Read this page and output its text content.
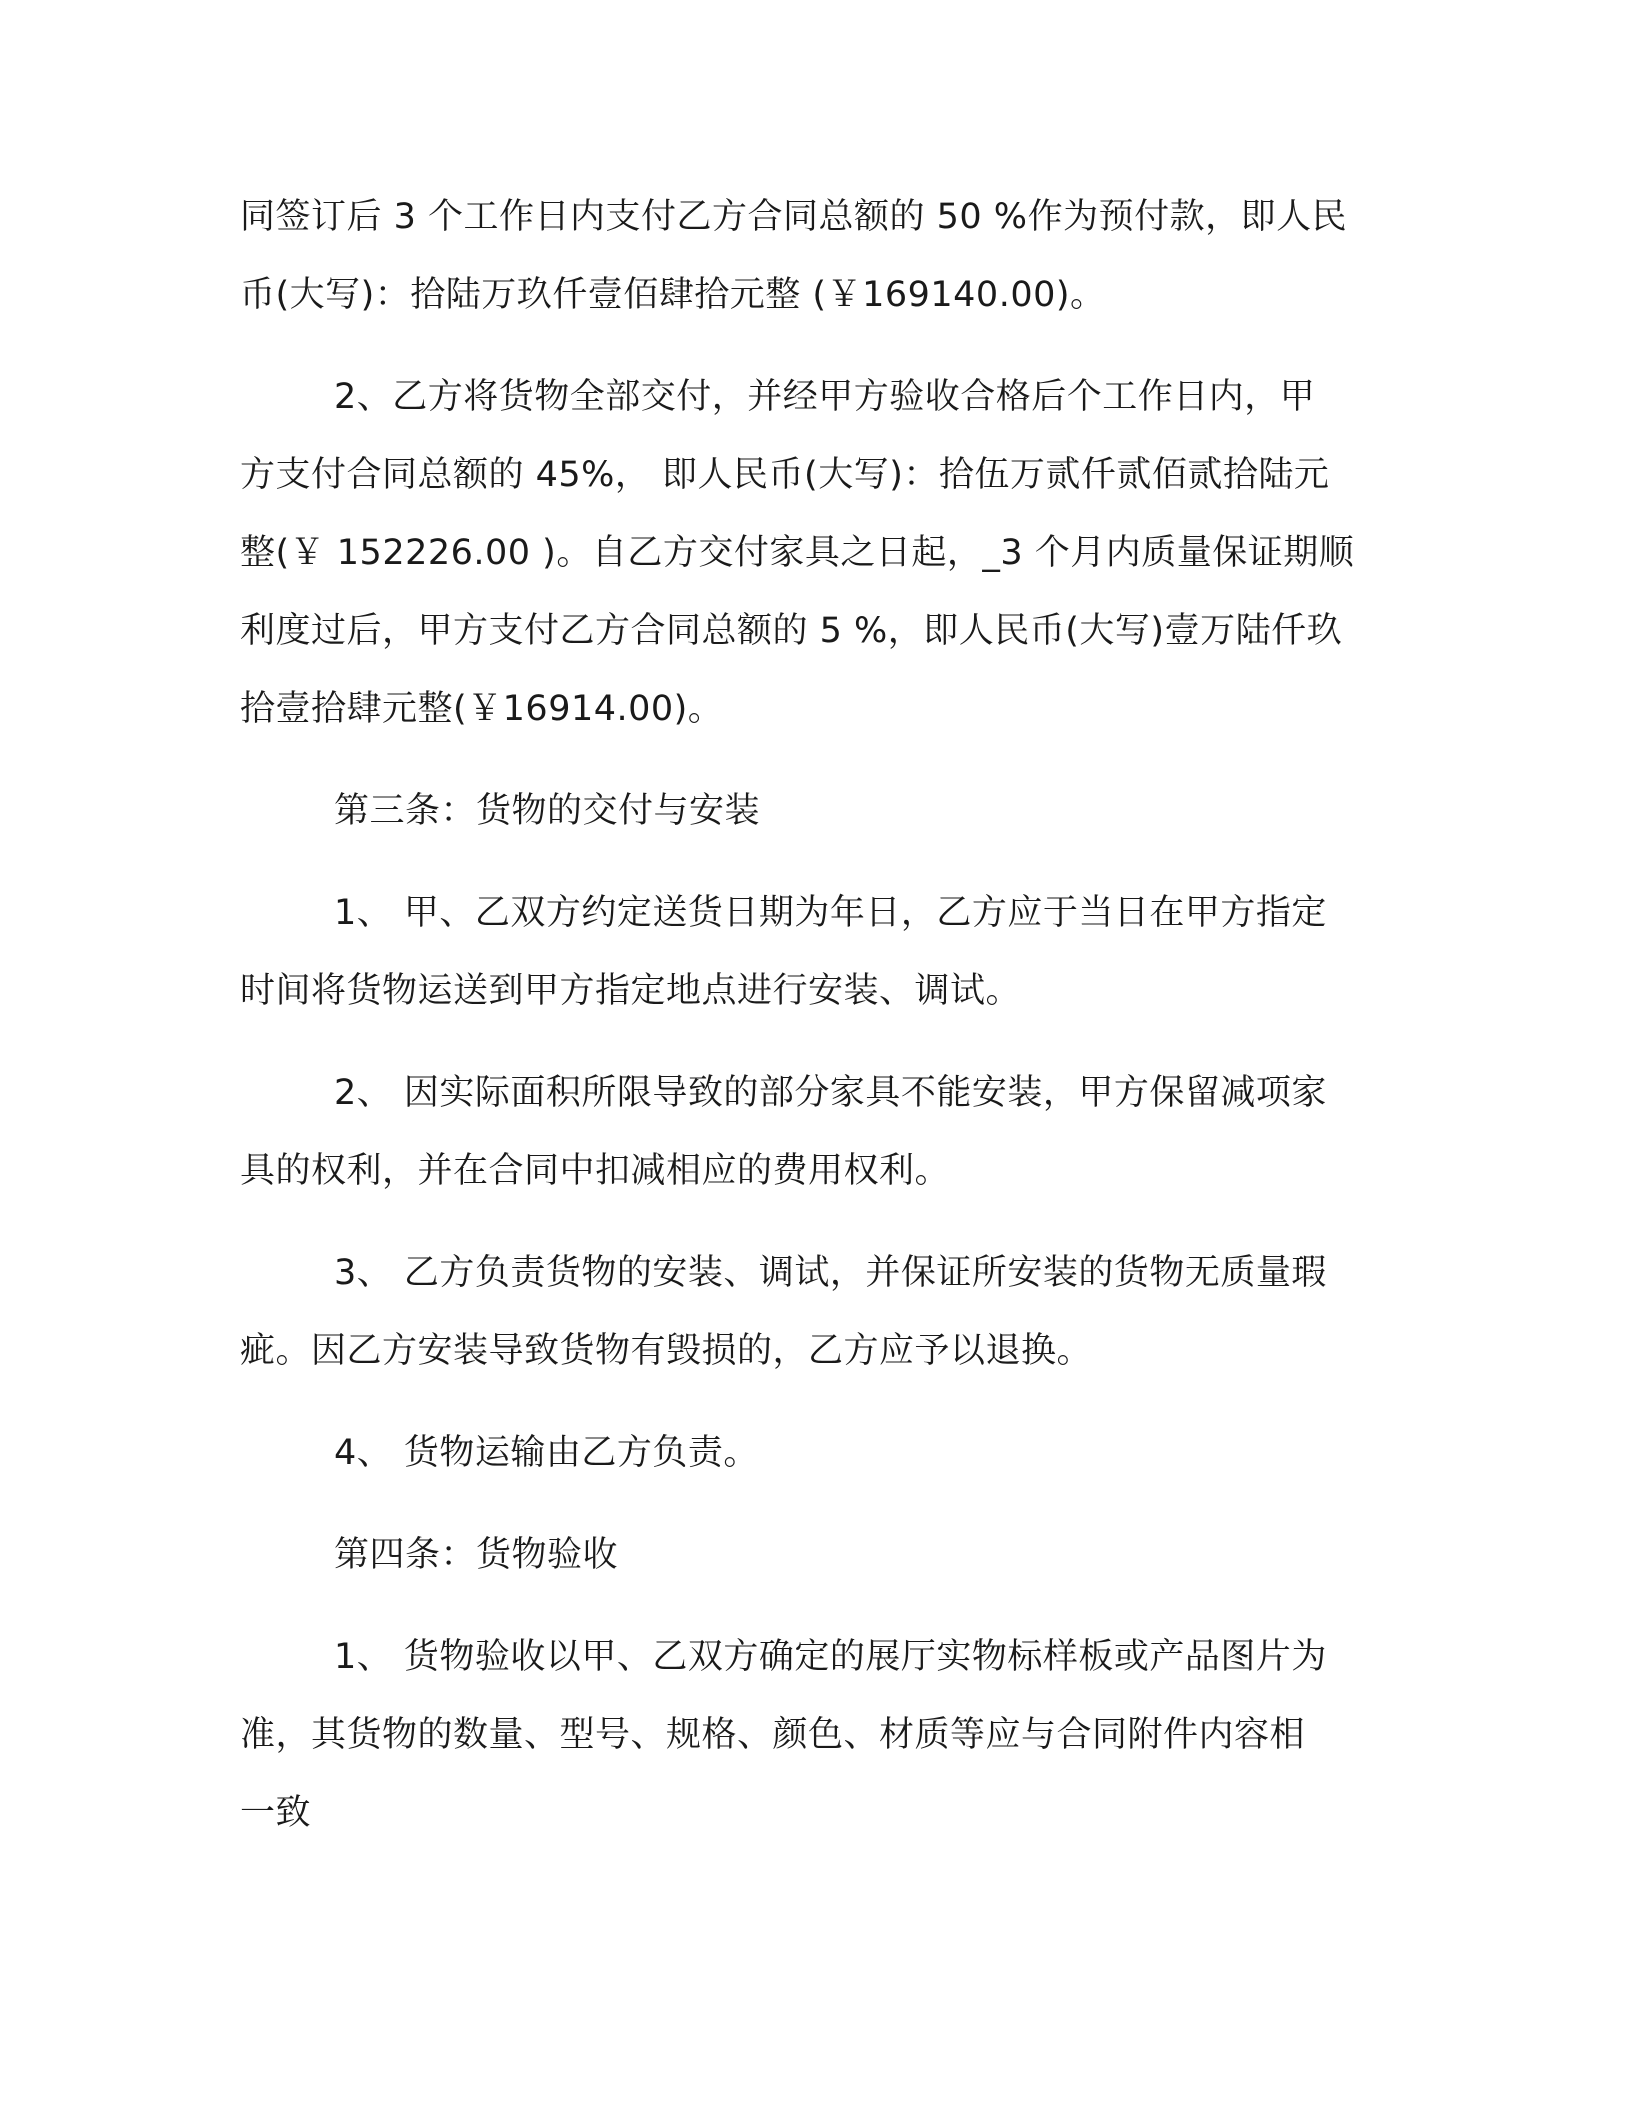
同签订后 3 个工作日内支付乙方合同总额的 50 %作为预付款，即人民
币(大写)：拾陆万玖仟壹佰肆拾元整 (￥169140.00)。
2、乙方将货物全部交付，并经甲方验收合格后个工作日内，甲
方支付合同总额的 45%， 即人民币(大写)：拾伍万贰仟贰佰贰拾陆元
整(￥ 152226.00 )。自乙方交付家具之日起，_3 个月内质量保证期顺
利度过后，甲方支付乙方合同总额的 5 %，即人民币(大写)壹万陆仟玖
拾壹拾肆元整(￥16914.00)。
第三条：货物的交付与安装
1、 甲、乙双方约定送货日期为年日，乙方应于当日在甲方指定
时间将货物运送到甲方指定地点进行安装、调试。
2、 因实际面积所限导致的部分家具不能安装，甲方保留减项家
具的权利，并在合同中扣减相应的费用权利。
3、 乙方负责货物的安装、调试，并保证所安装的货物无质量瑕
疵。因乙方安装导致货物有毁损的，乙方应予以退换。
4、 货物运输由乙方负责。
第四条：货物验收
1、 货物验收以甲、乙双方确定的展厅实物标样板或产品图片为
准，其货物的数量、型号、规格、颜色、材质等应与合同附件内容相
一致
